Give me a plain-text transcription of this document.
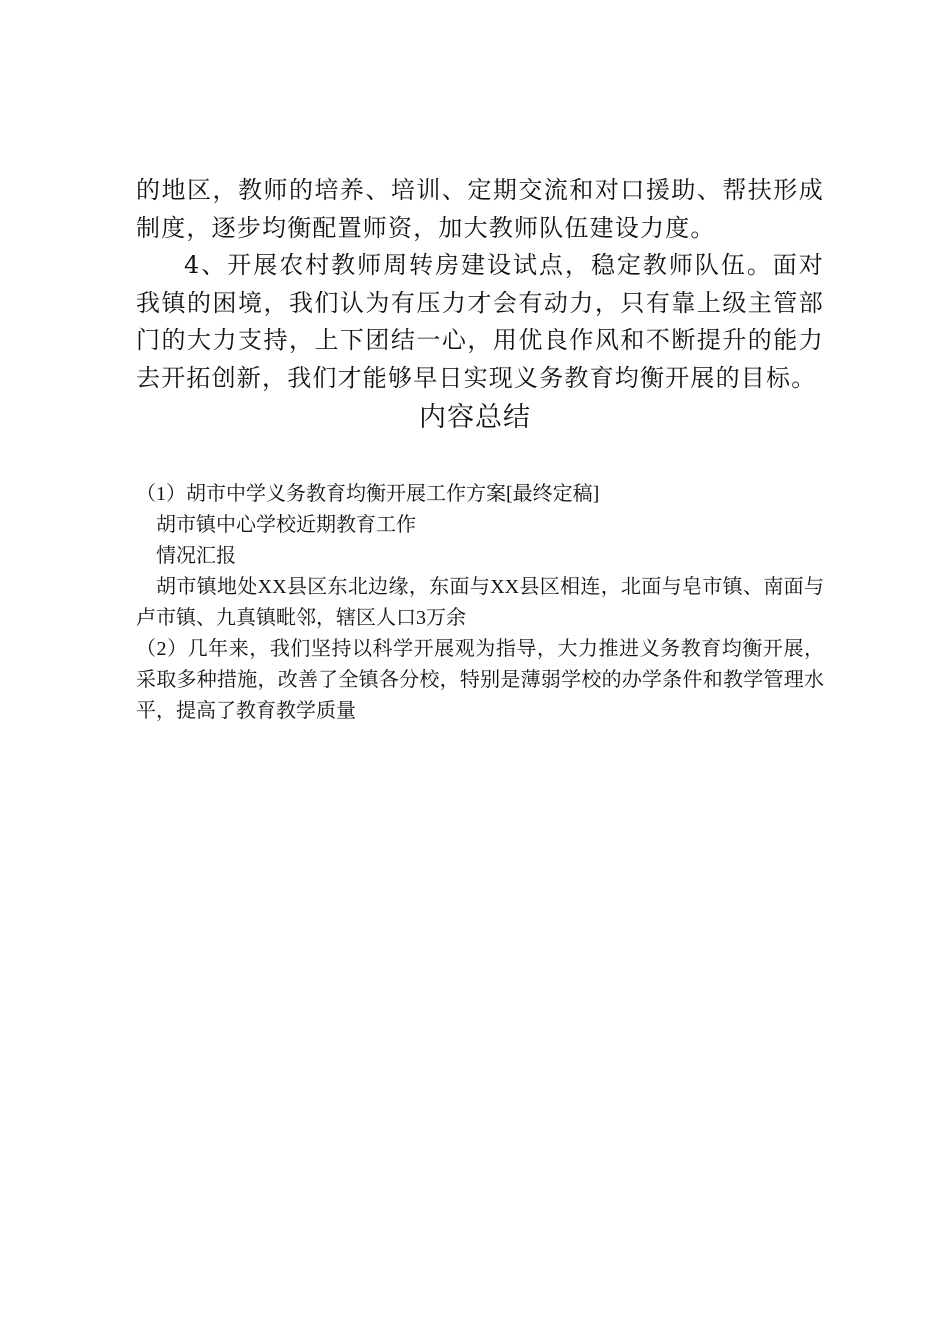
的地区，教师的培养、培训、定期交流和对口援助、帮扶形成制度，逐步均衡配置师资，加大教师队伍建设力度。

4、开展农村教师周转房建设试点，稳定教师队伍。面对我镇的困境，我们认为有压力才会有动力，只有靠上级主管部门的大力支持，上下团结一心，用优良作风和不断提升的能力去开拓创新，我们才能够早日实现义务教育均衡开展的目标。

内容总结

（1）胡市中学义务教育均衡开展工作方案[最终定稿]

胡市镇中心学校近期教育工作

情况汇报

胡市镇地处XX县区东北边缘，东面与XX县区相连，北面与皂市镇、南面与卢市镇、九真镇毗邻，辖区人口3万余

（2）几年来，我们坚持以科学开展观为指导，大力推进义务教育均衡开展，采取多种措施，改善了全镇各分校，特别是薄弱学校的办学条件和教学管理水平，提高了教育教学质量
